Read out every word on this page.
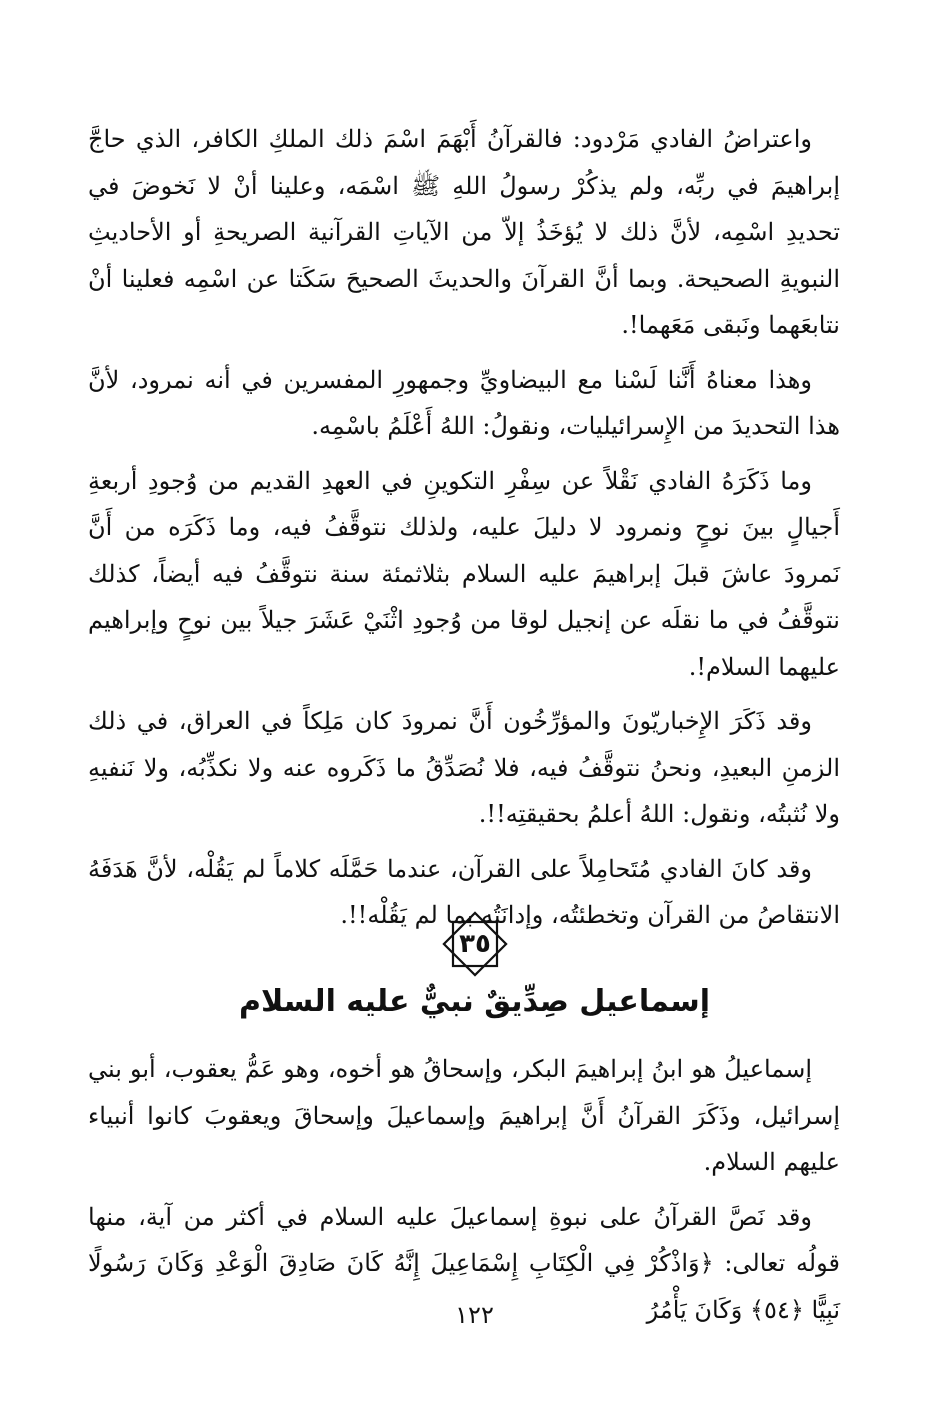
واعتراضُ الفادي مَرْدود: فالقرآنُ أَبْهَمَ اسْمَ ذلك الملكِ الكافر، الذي حاجَّ إبراهيمَ في ربِّه، ولم يذكُرْ رسولُ اللهِ ﷺ اسْمَه، وعلينا أنْ لا نَخوضَ في تحديدِ اسْمِه، لأنَّ ذلك لا يُؤخَذُ إلاّ من الآياتِ القرآنية الصريحةِ أو الأحاديثِ النبويةِ الصحيحة. وبما أنَّ القرآنَ والحديثَ الصحيحَ سَكَتا عن اسْمِه فعلينا أنْ نتابعَهما ونَبقى مَعَهما!.

وهذا معناهُ أَنَّنا لَسْنا مع البيضاويِّ وجمهورِ المفسرين في أنه نمرود، لأنَّ هذا التحديدَ من الإِسرائيليات، ونقولُ: اللهُ أَعْلَمُ باسْمِه.

وما ذَكَرَهُ الفادي نَقْلاً عن سِفْرِ التكوينِ في العهدِ القديم من وُجودِ أربعةِ أَجيالٍ بينَ نوحٍ ونمرود لا دليلَ عليه، ولذلك نتوقَّفُ فيه، وما ذَكَرَه من أَنَّ نَمرودَ عاشَ قبلَ إبراهيمَ عليه السلام بثلاثمئة سنة نتوقَّفُ فيه أيضاً، كذلك نتوقَّفُ في ما نقلَه عن إنجيل لوقا من وُجودِ اثْنَيْ عَشَرَ جيلاً بين نوحٍ وإبراهيم عليهما السلام!.

وقد ذَكَرَ الإِخباريّونَ والمؤرِّخُون أَنَّ نمرودَ كان مَلِكاً في العراق، في ذلك الزمنِ البعيدِ، ونحنُ نتوقَّفُ فيه، فلا نُصَدِّقُ ما ذَكَروه عنه ولا نكذِّبُه، ولا نَنفيهِ ولا نُثبتُه، ونقول: اللهُ أعلمُ بحقيقتِه!!.

وقد كانَ الفادي مُتَحامِلاً على القرآن، عندما حَمَّلَه كلاماً لم يَقُلْه، لأنَّ هَدَفَهُ الانتقاصُ من القرآن وتخطئتُه، وإدانَتُه بما لم يَقُلْه!!.

٣٥
إسماعيل صِدِّيقٌ نبيٌّ عليه السلام

إسماعيلُ هو ابنُ إبراهيمَ البكر، وإسحاقُ هو أخوه، وهو عَمُّ يعقوب، أبو بني إسرائيل، وذَكَرَ القرآنُ أَنَّ إبراهيمَ وإسماعيلَ وإسحاقَ ويعقوبَ كانوا أنبياء عليهم السلام.

وقد نَصَّ القرآنُ على نبوةِ إسماعيلَ عليه السلام في أكثر من آية، منها قولُه تعالى: ﴿وَاذْكُرْ فِي الْكِتَابِ إِسْمَاعِيلَ إِنَّهُ كَانَ صَادِقَ الْوَعْدِ وَكَانَ رَسُولًا نَبِيًّا ﴿٥٤﴾ وَكَانَ يَأْمُرُ

١٢٢
